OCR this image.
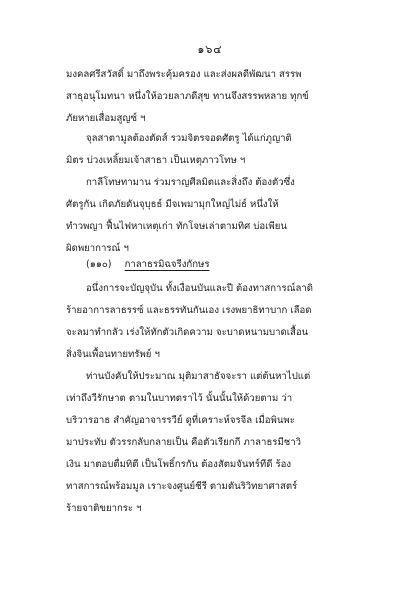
๑๖๔
มงคลศรีสวัสดิ์ มาถึงพระคุ้มครอง และส่งผลดีพัฒนา สรรพ
สาธุอนุโมทนา หนึ่งให้อวยลาภดีสุข ทานจึงสรรพหลาย ทุกข์
ภัยหายเสื่อมสูญซ์ ฯ
จุลสาตามูลต้องตัดส์ รวมจิตรจอดศัตรู ได้แก่ภูญาติ
มิตร บ่วงเหลิ้ยมเจ้าสาธา เป็นเหตุภาวโทษ ฯ
กาลีโทษทามาน ร่วมราญศีลมิตและสิ่งถึง ต้องตัวซึ่ง
ศัตรูกัน เกิดภัยดันจุบุธธ์ มีจเพมามุกใหญ่ไม่ธ์ หนึ่งให้
ทำวพญา ฟื้นไฟหาเหตุเก่า ทักโจษเล่าตามทิศ บ่อเพียน
ผิดพยาการณ์ ฯ
(๑๑๐) กาลาธรมิฉจรีงกักษร
อนึ่งการจะบัญจุบัน ทั้งเงื่อนบันและปี ต้องทาสการณ์ลาดิ
ร้ายอาการลาธรรซ์ และธรรทันกันเอง เรงพยาธิทาบาก เลือด
จะลมาทำกลัว เร่งให้ทักตัวเกิดความ จะบาดหนามบาดเสื้อน
สิ่งจินเพื้อนทายทรัพย์ ฯ
ท่านบังคับให้ประมาณ มุติมาสาธัจจะรา แต่ต้นหาไปแต่
เท่าถึงวีรักษาต ตามในบาทตราไว้ นั้นนั้นให้ด้วยตาม ว่า
บริวารอาธ สำคัญอาจารรวีย์ ดูที่เคราะห์จรจีล เมื่อพินพะ
มาประทับ ตัวรรกลับกลายเป็น คือตัวเรียกกี ภาลาธรมีชาวิ
เงิน มาตอบตื่มทิตี เป็นโพธิ์กรกัน ต้องสัตมจันทร์ทีดี ร้อง
ทาสการณ์พร้อมมูล เราะจงศูนย์ชีรี ตามตันริวิทยาศาสตร์
ร้ายจาติขยากระ ฯ
